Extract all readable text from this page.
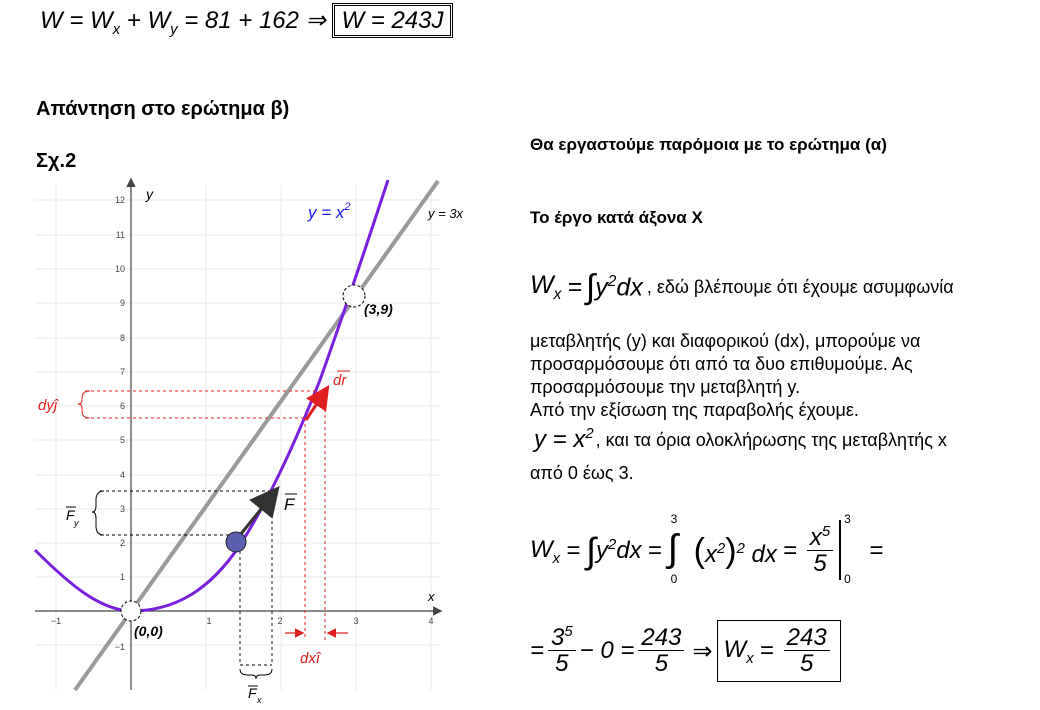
$W = W_x + W_y = 81 + 162$ ⇒ W = 243J
Απάντηση στο ερώτημα β)
Σχ.2
1
2
3
4
5
6
7
8
9
10
11
12
−1
−1	1	2	3	4
y
x
dyĵ
dxî
dr
F y
F x
F
(0,0)
(3,9)
$y = x^2$	y = 3x
Θα εργαστούμε παρόμοια με το ερώτημα (α)
Το έργο κατά άξονα Χ
$W_x$ = ∫ $y^2dx$ , εδώ βλέπουμε ότι έχουμε ασυμφωνία
μεταβλητής (y) και διαφορικού (dx), μπορούμε να
προσαρμόσουμε ότι από τα δυο επιθυμούμε. Ας
προσαρμόσουμε την μεταβλητή y.
Από την εξίσωση της παραβολής έχουμε.
$y = x^2$ , και τα όρια ολοκλήρωσης της μεταβλητής x
από 0 έως 3.
$W_x$ = ∫ $y^2dx$ =
3
∫
0
$(x^2)^2$ dx = $\frac{x^5}{5}$
3
0
=
= $\frac{3^5}{5} - 0 = \frac{243}{5}$ ⇒ $W_x = \frac{243}{5}$
